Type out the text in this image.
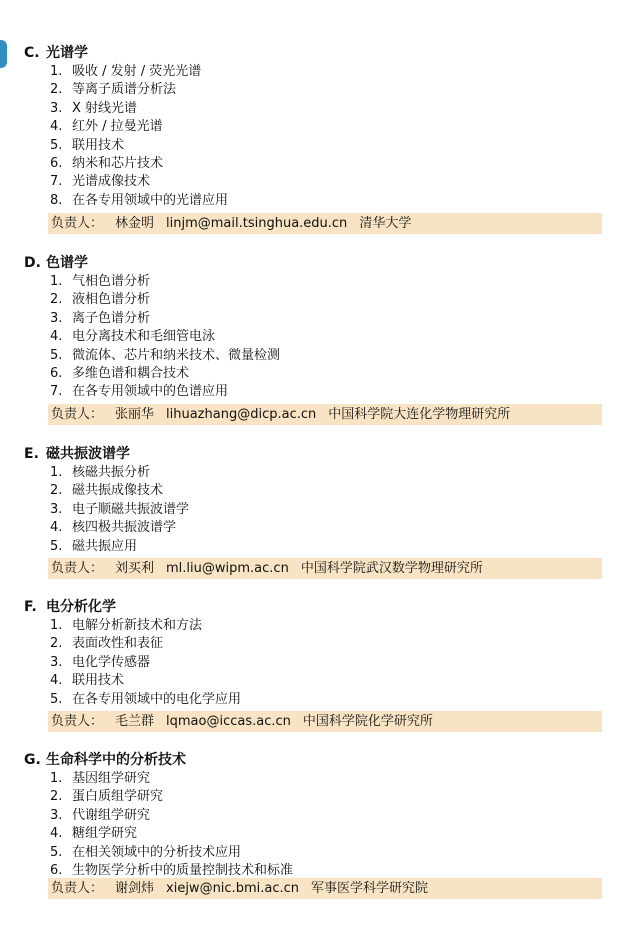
C. 光谱学
1. 吸收 / 发射 / 荧光光谱
2. 等离子质谱分析法
3. X 射线光谱
4. 红外 / 拉曼光谱
5. 联用技术
6. 纳米和芯片技术
7. 光谱成像技术
8. 在各专用领域中的光谱应用
负责人： 林金明 linjm@mail.tsinghua.edu.cn 清华大学
D. 色谱学
1. 气相色谱分析
2. 液相色谱分析
3. 离子色谱分析
4. 电分离技术和毛细管电泳
5. 微流体、芯片和纳米技术、微量检测
6. 多维色谱和耦合技术
7. 在各专用领域中的色谱应用
负责人： 张丽华 lihuazhang@dicp.ac.cn 中国科学院大连化学物理研究所
E. 磁共振波谱学
1. 核磁共振分析
2. 磁共振成像技术
3. 电子顺磁共振波谱学
4. 核四极共振波谱学
5. 磁共振应用
负责人： 刘买利 ml.liu@wipm.ac.cn 中国科学院武汉数学物理研究所
F. 电分析化学
1. 电解分析新技术和方法
2. 表面改性和表征
3. 电化学传感器
4. 联用技术
5. 在各专用领域中的电化学应用
负责人： 毛兰群 lqmao@iccas.ac.cn 中国科学院化学研究所
G. 生命科学中的分析技术
1. 基因组学研究
2. 蛋白质组学研究
3. 代谢组学研究
4. 糖组学研究
5. 在相关领域中的分析技术应用
6. 生物医学分析中的质量控制技术和标准
负责人： 谢剑炜 xiejw@nic.bmi.ac.cn 军事医学科学研究院
